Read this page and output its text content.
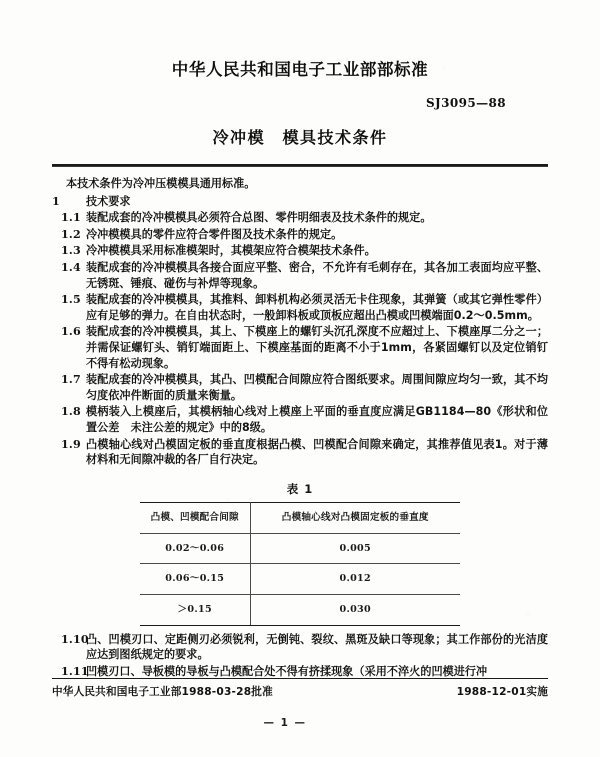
中华人民共和国电子工业部部标准
SJ3095—88
冷冲模　模具技术条件
本技术条件为冷冲压模模具通用标准。
1	技术要求
1.1 装配成套的冷冲模模具必须符合总图、零件明细表及技术条件的规定。
1.2 冷冲模模具的零件应符合零件图及技术条件的规定。
1.3 冷冲模模具采用标准模架时，其模架应符合模架技术条件。
1.4 装配成套的冷冲模模具各接合面应平整、密合，不允许有毛刺存在，其各加工表面均应平整、无锈斑、锤痕、碰伤与补焊等现象。
1.5 装配成套的冷冲模模具，其推料、卸料机构必须灵活无卡住现象，其弹簧（或其它弹性零件）应有足够的弹力。在自由状态时，一般卸料板或顶板应超出凸模或凹模端面0.2～0.5mm。
1.6 装配成套的冷冲模模具，其上、下模座上的螺钉头沉孔深度不应超过上、下模座厚二分之一；并需保证螺钉头、销钉端面距上、下模座基面的距离不小于1mm，各紧固螺钉以及定位销钉不得有松动现象。
1.7 装配成套的冷冲模模具，其凸、凹模配合间隙应符合图纸要求。周围间隙应均匀一致，其不均匀度依冲件断面的质量来衡量。
1.8 模柄装入上模座后，其模柄轴心线对上模座上平面的垂直度应满足GB1184—80《形状和位置公差　未注公差的规定》中的8级。
1.9 凸模轴心线对凸模固定板的垂直度根据凸模、凹模配合间隙来确定，其推荐值见表1。对于薄材料和无间隙冲裁的各厂自行决定。
表 1
凸模、凹模配合间隙	凸模轴心线对凸模固定板的垂直度
0.02～0.06	0.005
0.06～0.15	0.012
＞0.15	0.030
1.10
凸、凹模刃口、定距侧刃必须锐利，无倒钝、裂纹、黑斑及缺口等现象；其工作部份的光洁度应达到图纸规定的要求。
1.11
凹模刃口、导板模的导板与凸模配合处不得有挤揉现象（采用不淬火的凹模进行冲
中华人民共和国电子工业部1988-03-28批准	1988-12-01实施
— 1 —
